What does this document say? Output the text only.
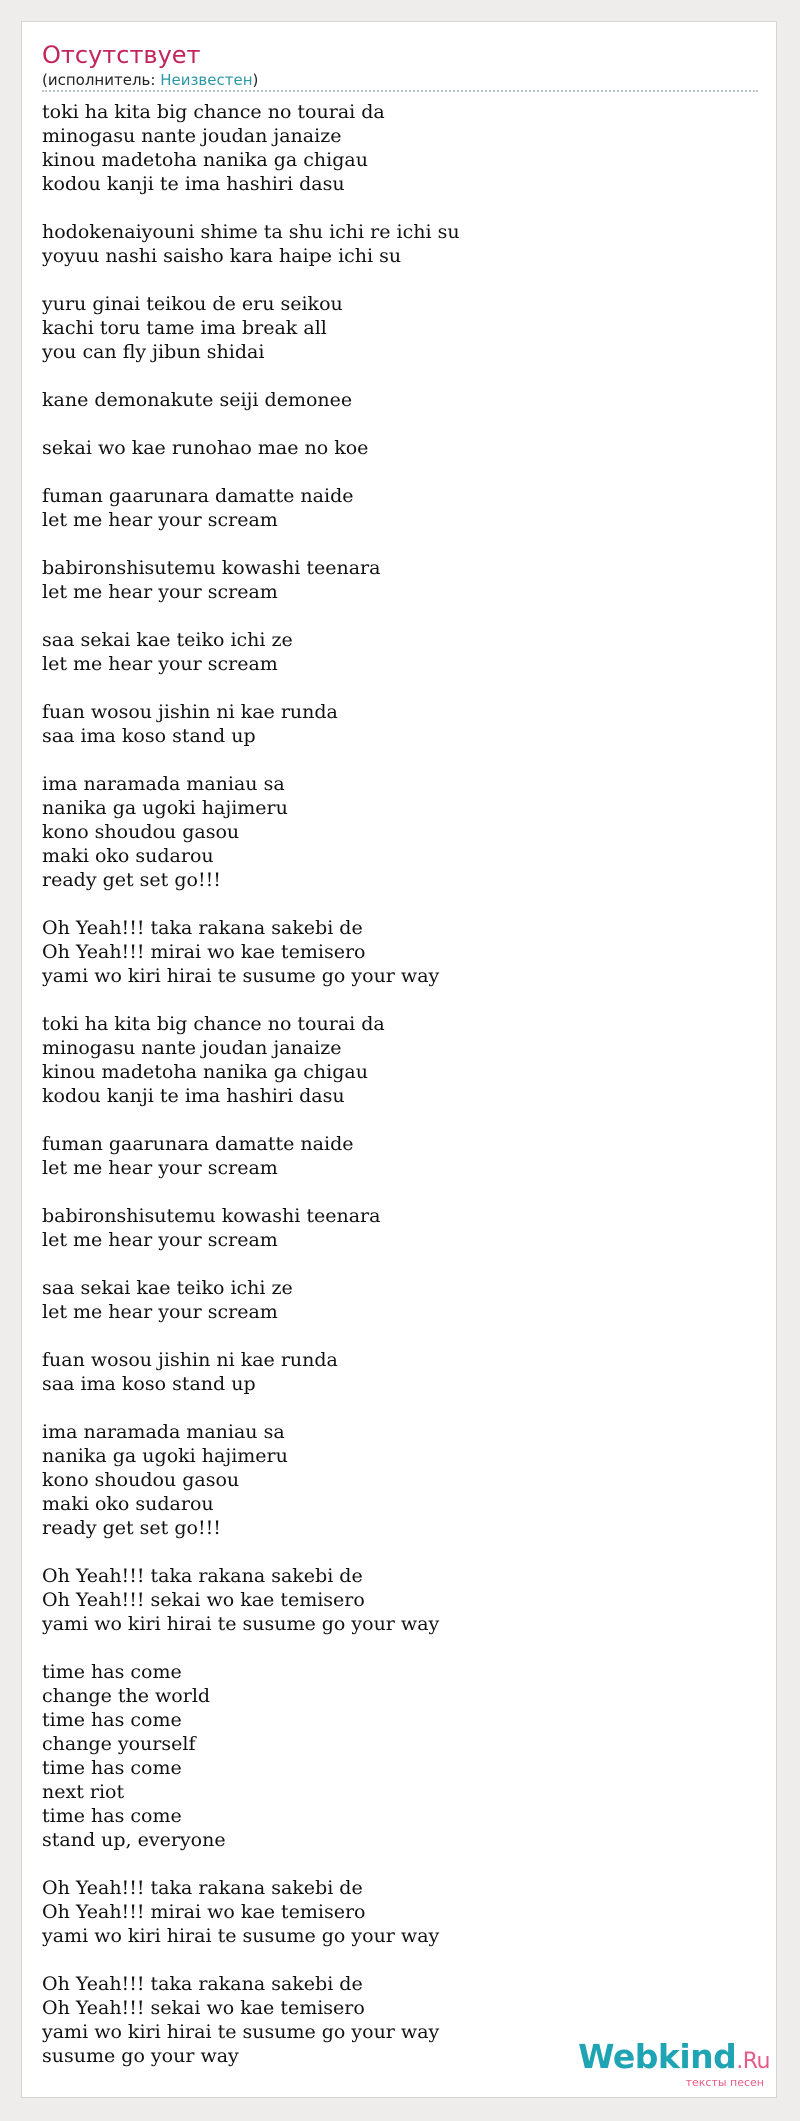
Отсутствует
(исполнитель: Неизвестен)
toki ha kita big chance no tourai da
minogasu nante joudan janaize
kinou madetoha nanika ga chigau
kodou kanji te ima hashiri dasu
hodokenaiyouni shime ta shu ichi re ichi su
yoyuu nashi saisho kara haipe ichi su
yuru ginai teikou de eru seikou
kachi toru tame ima break all
you can fly jibun shidai
kane demonakute seiji demonee
sekai wo kae runohao mae no koe
fuman gaarunara damatte naide
let me hear your scream
babironshisutemu kowashi teenara
let me hear your scream
saa sekai kae teiko ichi ze
let me hear your scream
fuan wosou jishin ni kae runda
saa ima koso stand up
ima naramada maniau sa
nanika ga ugoki hajimeru
kono shoudou gasou
maki oko sudarou
ready get set go!!!
Oh Yeah!!! taka rakana sakebi de
Oh Yeah!!! mirai wo kae temisero
yami wo kiri hirai te susume go your way
toki ha kita big chance no tourai da
minogasu nante joudan janaize
kinou madetoha nanika ga chigau
kodou kanji te ima hashiri dasu
fuman gaarunara damatte naide
let me hear your scream
babironshisutemu kowashi teenara
let me hear your scream
saa sekai kae teiko ichi ze
let me hear your scream
fuan wosou jishin ni kae runda
saa ima koso stand up
ima naramada maniau sa
nanika ga ugoki hajimeru
kono shoudou gasou
maki oko sudarou
ready get set go!!!
Oh Yeah!!! taka rakana sakebi de
Oh Yeah!!! sekai wo kae temisero
yami wo kiri hirai te susume go your way
time has come
change the world
time has come
change yourself
time has come
next riot
time has come
stand up, everyone
Oh Yeah!!! taka rakana sakebi de
Oh Yeah!!! mirai wo kae temisero
yami wo kiri hirai te susume go your way
Oh Yeah!!! taka rakana sakebi de
Oh Yeah!!! sekai wo kae temisero
yami wo kiri hirai te susume go your way
susume go your way	Webkind.Ru
тексты песен
